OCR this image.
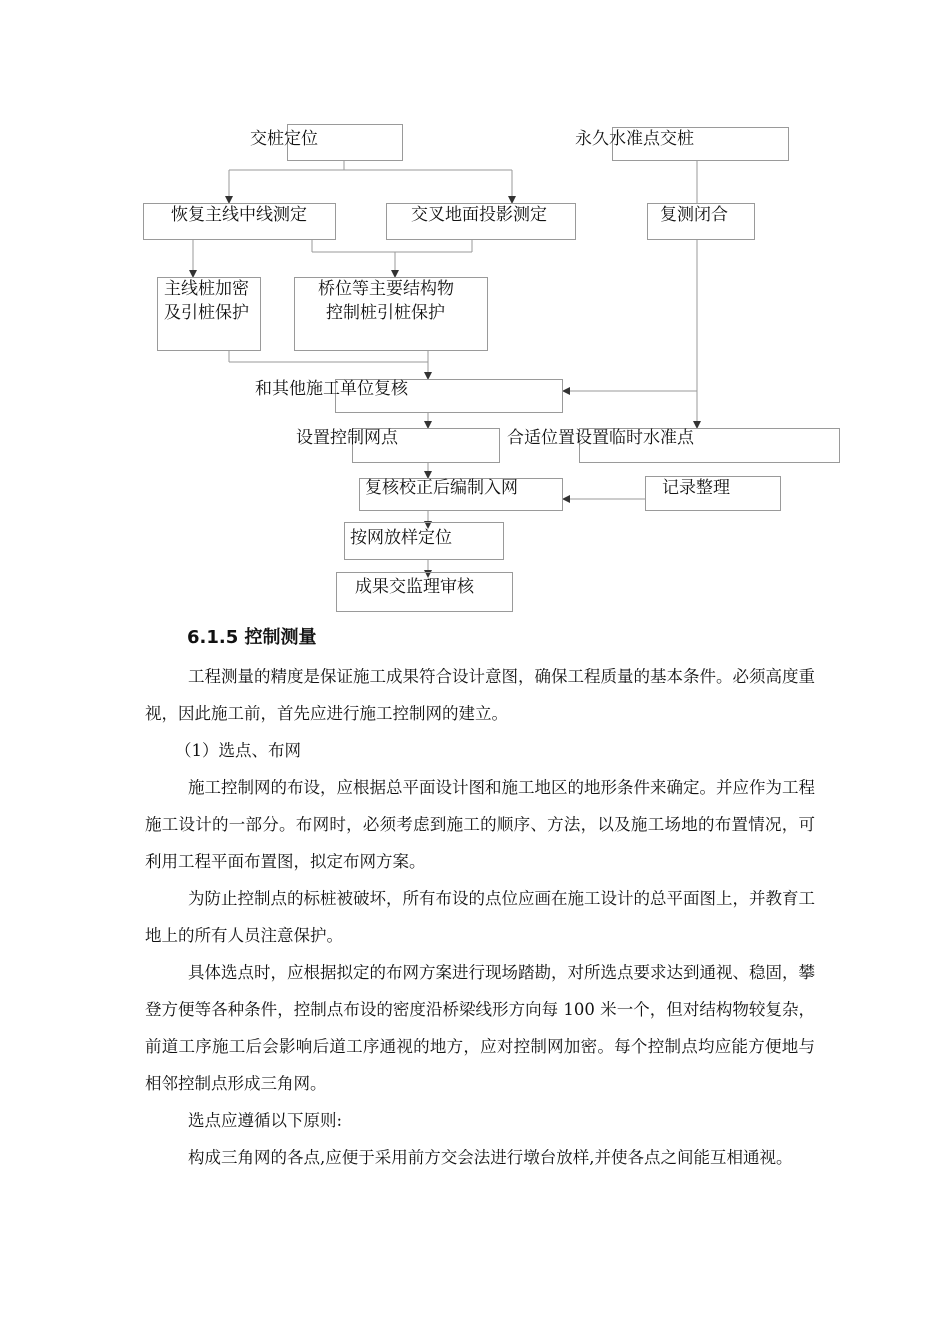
交桩定位	永久水准点交桩
恢复主线中线测定	交叉地面投影测定	复测闭合
主线桩加密
及引桩保护
桥位等主要结构物
控制桩引桩保护
和其他施工单位复核
设置控制网点	合适位置设置临时水准点
复核校正后编制入网	记录整理
按网放样定位
成果交监理审核
6.1.5 控制测量

工程测量的精度是保证施工成果符合设计意图，确保工程质量的基本条件。必须高度重视，因此施工前，首先应进行施工控制网的建立。

（1）选点、布网

施工控制网的布设，应根据总平面设计图和施工地区的地形条件来确定。并应作为工程施工设计的一部分。布网时，必须考虑到施工的顺序、方法，以及施工场地的布置情况，可利用工程平面布置图，拟定布网方案。

为防止控制点的标桩被破坏，所有布设的点位应画在施工设计的总平面图上，并教育工地上的所有人员注意保护。

具体选点时，应根据拟定的布网方案进行现场踏勘，对所选点要求达到通视、稳固，攀登方便等各种条件，控制点布设的密度沿桥梁线形方向每 100 米一个，但对结构物较复杂，前道工序施工后会影响后道工序通视的地方，应对控制网加密。每个控制点均应能方便地与相邻控制点形成三角网。

选点应遵循以下原则:

构成三角网的各点,应便于采用前方交会法进行墩台放样,并使各点之间能互相通视。
